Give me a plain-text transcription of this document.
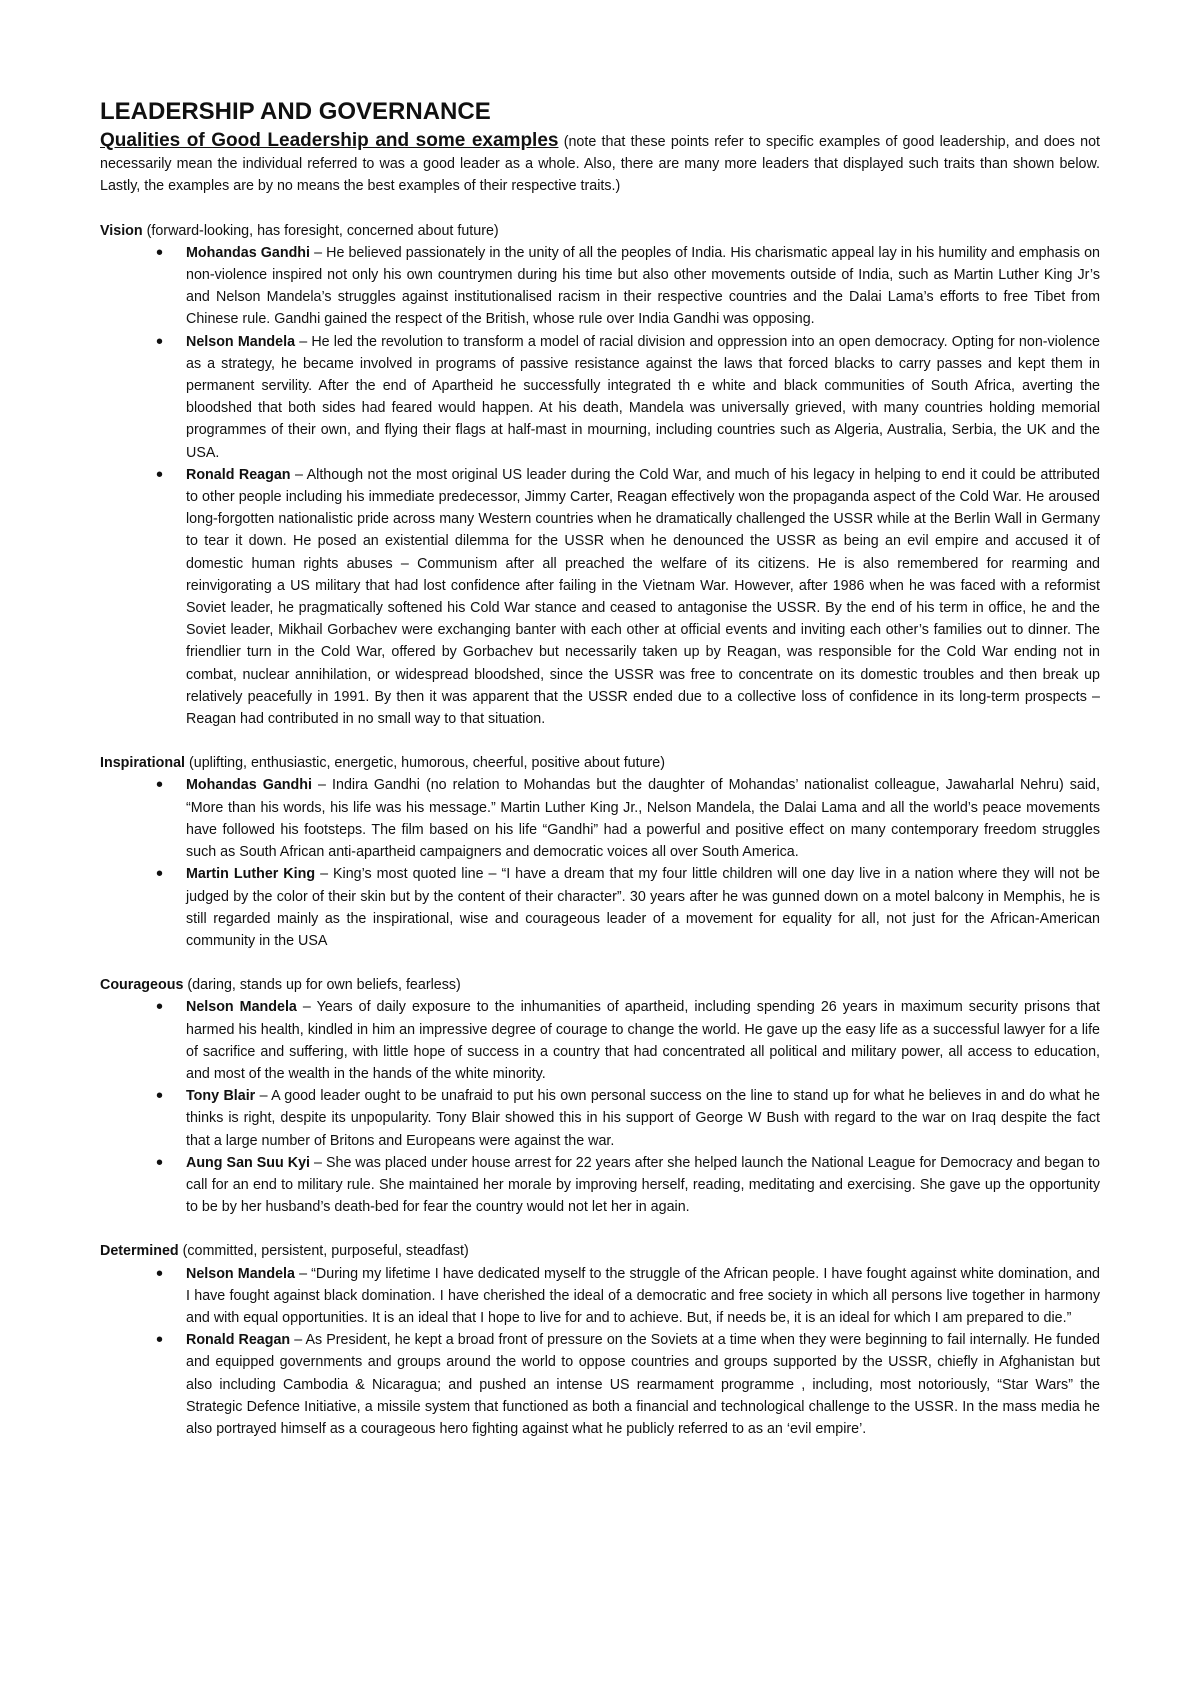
LEADERSHIP AND GOVERNANCE

Qualities of Good Leadership and some examples (note that these points refer to specific examples of good leadership, and does not necessarily mean the individual referred to was a good leader as a whole. Also, there are many more leaders that displayed such traits than shown below. Lastly, the examples are by no means the best examples of their respective traits.)

Vision (forward-looking, has foresight, concerned about future)

• Mohandas Gandhi – He believed passionately in the unity of all the peoples of India. His charismatic appeal lay in his humility and emphasis on non-violence inspired not only his own countrymen during his time but also other movements outside of India, such as Martin Luther King Jr’s and Nelson Mandela’s struggles against institutionalised racism in their respective countries and the Dalai Lama’s efforts to free Tibet from Chinese rule. Gandhi gained the respect of the British, whose rule over India Gandhi was opposing.
• Nelson Mandela – He led the revolution to transform a model of racial division and oppression into an open democracy. Opting for non-violence as a strategy, he became involved in programs of passive resistance against the laws that forced blacks to carry passes and kept them in permanent servility. After the end of Apartheid he successfully integrated th e white and black communities of South Africa, averting the bloodshed that both sides had feared would happen. At his death, Mandela was universally grieved, with many countries holding memorial programmes of their own, and flying their flags at half-mast in mourning, including countries such as Algeria, Australia, Serbia, the UK and the USA.
• Ronald Reagan – Although not the most original US leader during the Cold War, and much of his legacy in helping to end it could be attributed to other people including his immediate predecessor, Jimmy Carter, Reagan effectively won the propaganda aspect of the Cold War. He aroused long-forgotten nationalistic pride across many Western countries when he dramatically challenged the USSR while at the Berlin Wall in Germany to tear it down. He posed an existential dilemma for the USSR when he denounced the USSR as being an evil empire and accused it of domestic human rights abuses – Communism after all preached the welfare of its citizens. He is also remembered for rearming and reinvigorating a US military that had lost confidence after failing in the Vietnam War. However, after 1986 when he was faced with a reformist Soviet leader, he pragmatically softened his Cold War stance and ceased to antagonise the USSR. By the end of his term in office, he and the Soviet leader, Mikhail Gorbachev were exchanging banter with each other at official events and inviting each other’s families out to dinner. The friendlier turn in the Cold War, offered by Gorbachev but necessarily taken up by Reagan, was responsible for the Cold War ending not in combat, nuclear annihilation, or widespread bloodshed, since the USSR was free to concentrate on its domestic troubles and then break up relatively peacefully in 1991. By then it was apparent that the USSR ended due to a collective loss of confidence in its long-term prospects – Reagan had contributed in no small way to that situation.

Inspirational (uplifting, enthusiastic, energetic, humorous, cheerful, positive about future)

• Mohandas Gandhi – Indira Gandhi (no relation to Mohandas but the daughter of Mohandas’ nationalist colleague, Jawaharlal Nehru) said, “More than his words, his life was his message.” Martin Luther King Jr., Nelson Mandela, the Dalai Lama and all the world’s peace movements have followed his footsteps. The film based on his life “Gandhi” had a powerful and positive effect on many contemporary freedom struggles such as South African anti-apartheid campaigners and democratic voices all over South America.
• Martin Luther King – King’s most quoted line – “I have a dream that my four little children will one day live in a nation where they will not be judged by the color of their skin but by the content of their character”. 30 years after he was gunned down on a motel balcony in Memphis, he is still regarded mainly as the inspirational, wise and courageous leader of a movement for equality for all, not just for the African-American community in the USA

Courageous (daring, stands up for own beliefs, fearless)

• Nelson Mandela – Years of daily exposure to the inhumanities of apartheid, including spending 26 years in maximum security prisons that harmed his health, kindled in him an impressive degree of courage to change the world. He gave up the easy life as a successful lawyer for a life of sacrifice and suffering, with little hope of success in a country that had concentrated all political and military power, all access to education, and most of the wealth in the hands of the white minority.
• Tony Blair – A good leader ought to be unafraid to put his own personal success on the line to stand up for what he believes in and do what he thinks is right, despite its unpopularity. Tony Blair showed this in his support of George W Bush with regard to the war on Iraq despite the fact that a large number of Britons and Europeans were against the war.
• Aung San Suu Kyi – She was placed under house arrest for 22 years after she helped launch the National League for Democracy and began to call for an end to military rule. She maintained her morale by improving herself, reading, meditating and exercising. She gave up the opportunity to be by her husband’s death-bed for fear the country would not let her in again.

Determined (committed, persistent, purposeful, steadfast)

• Nelson Mandela – “During my lifetime I have dedicated myself to the struggle of the African people. I have fought against white domination, and I have fought against black domination. I have cherished the ideal of a democratic and free society in which all persons live together in harmony and with equal opportunities. It is an ideal that I hope to live for and to achieve. But, if needs be, it is an ideal for which I am prepared to die.”
• Ronald Reagan – As President, he kept a broad front of pressure on the Soviets at a time when they were beginning to fail internally. He funded and equipped governments and groups around the world to oppose countries and groups supported by the USSR, chiefly in Afghanistan but also including Cambodia & Nicaragua; and pushed an intense US rearmament programme , including, most notoriously, “Star Wars” the Strategic Defence Initiative, a missile system that functioned as both a financial and technological challenge to the USSR. In the mass media he also portrayed himself as a courageous hero fighting against what he publicly referred to as an ‘evil empire’.
